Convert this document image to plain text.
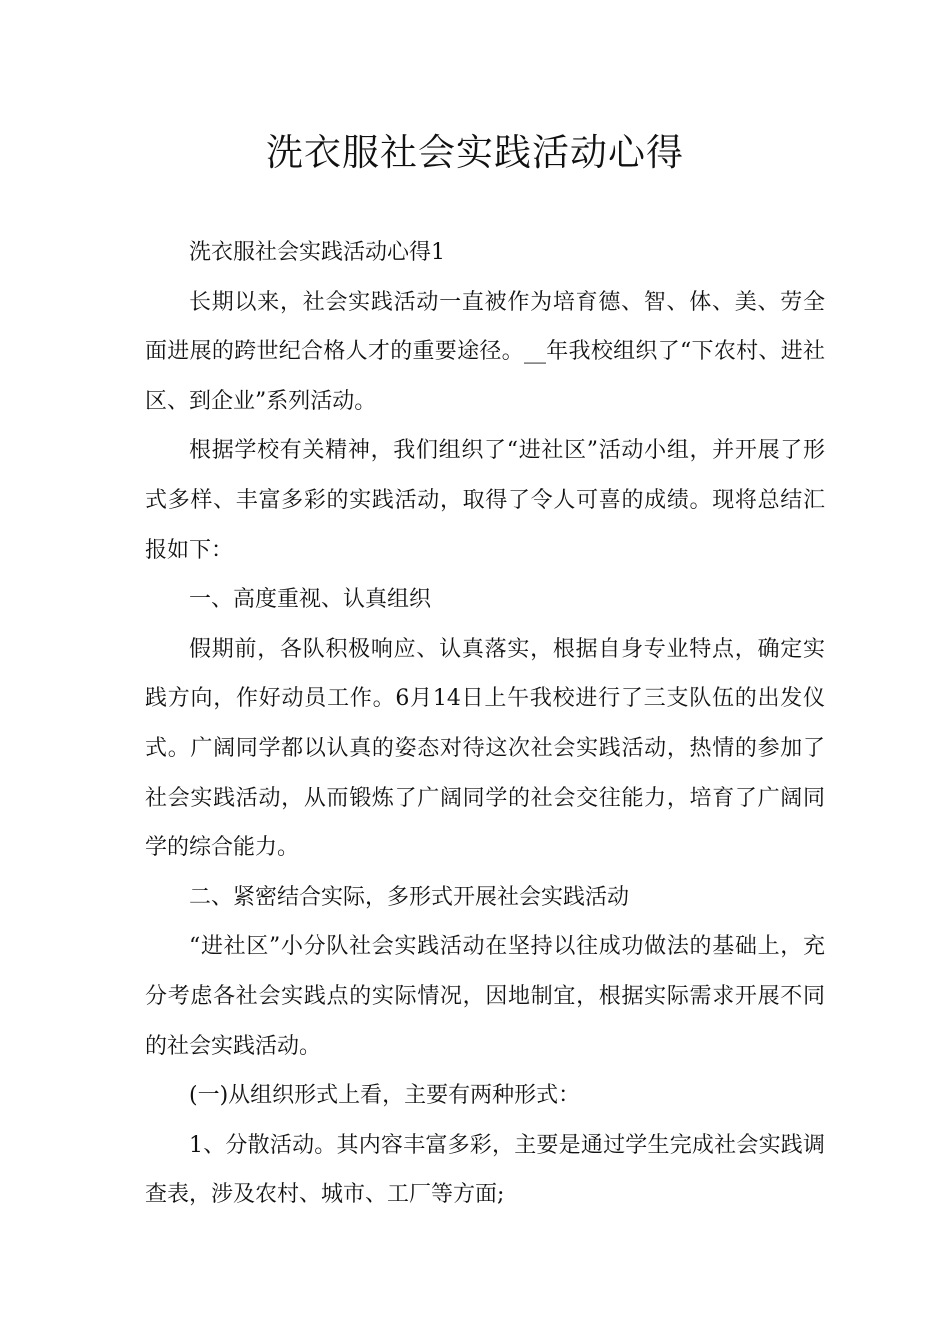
洗衣服社会实践活动心得

洗衣服社会实践活动心得1

长期以来，社会实践活动一直被作为培育德、智、体、美、劳全面进展的跨世纪合格人才的重要途径。__年我校组织了“下农村、进社区、到企业”系列活动。

根据学校有关精神，我们组织了“进社区”活动小组，并开展了形式多样、丰富多彩的实践活动，取得了令人可喜的成绩。现将总结汇报如下：

一、高度重视、认真组织

假期前，各队积极响应、认真落实，根据自身专业特点，确定实践方向，作好动员工作。6月14日上午我校进行了三支队伍的出发仪式。广阔同学都以认真的姿态对待这次社会实践活动，热情的参加了社会实践活动，从而锻炼了广阔同学的社会交往能力，培育了广阔同学的综合能力。

二、紧密结合实际，多形式开展社会实践活动

“进社区”小分队社会实践活动在坚持以往成功做法的基础上，充分考虑各社会实践点的实际情况，因地制宜，根据实际需求开展不同的社会实践活动。

(一)从组织形式上看，主要有两种形式：

1、分散活动。其内容丰富多彩，主要是通过学生完成社会实践调查表，涉及农村、城市、工厂等方面;
